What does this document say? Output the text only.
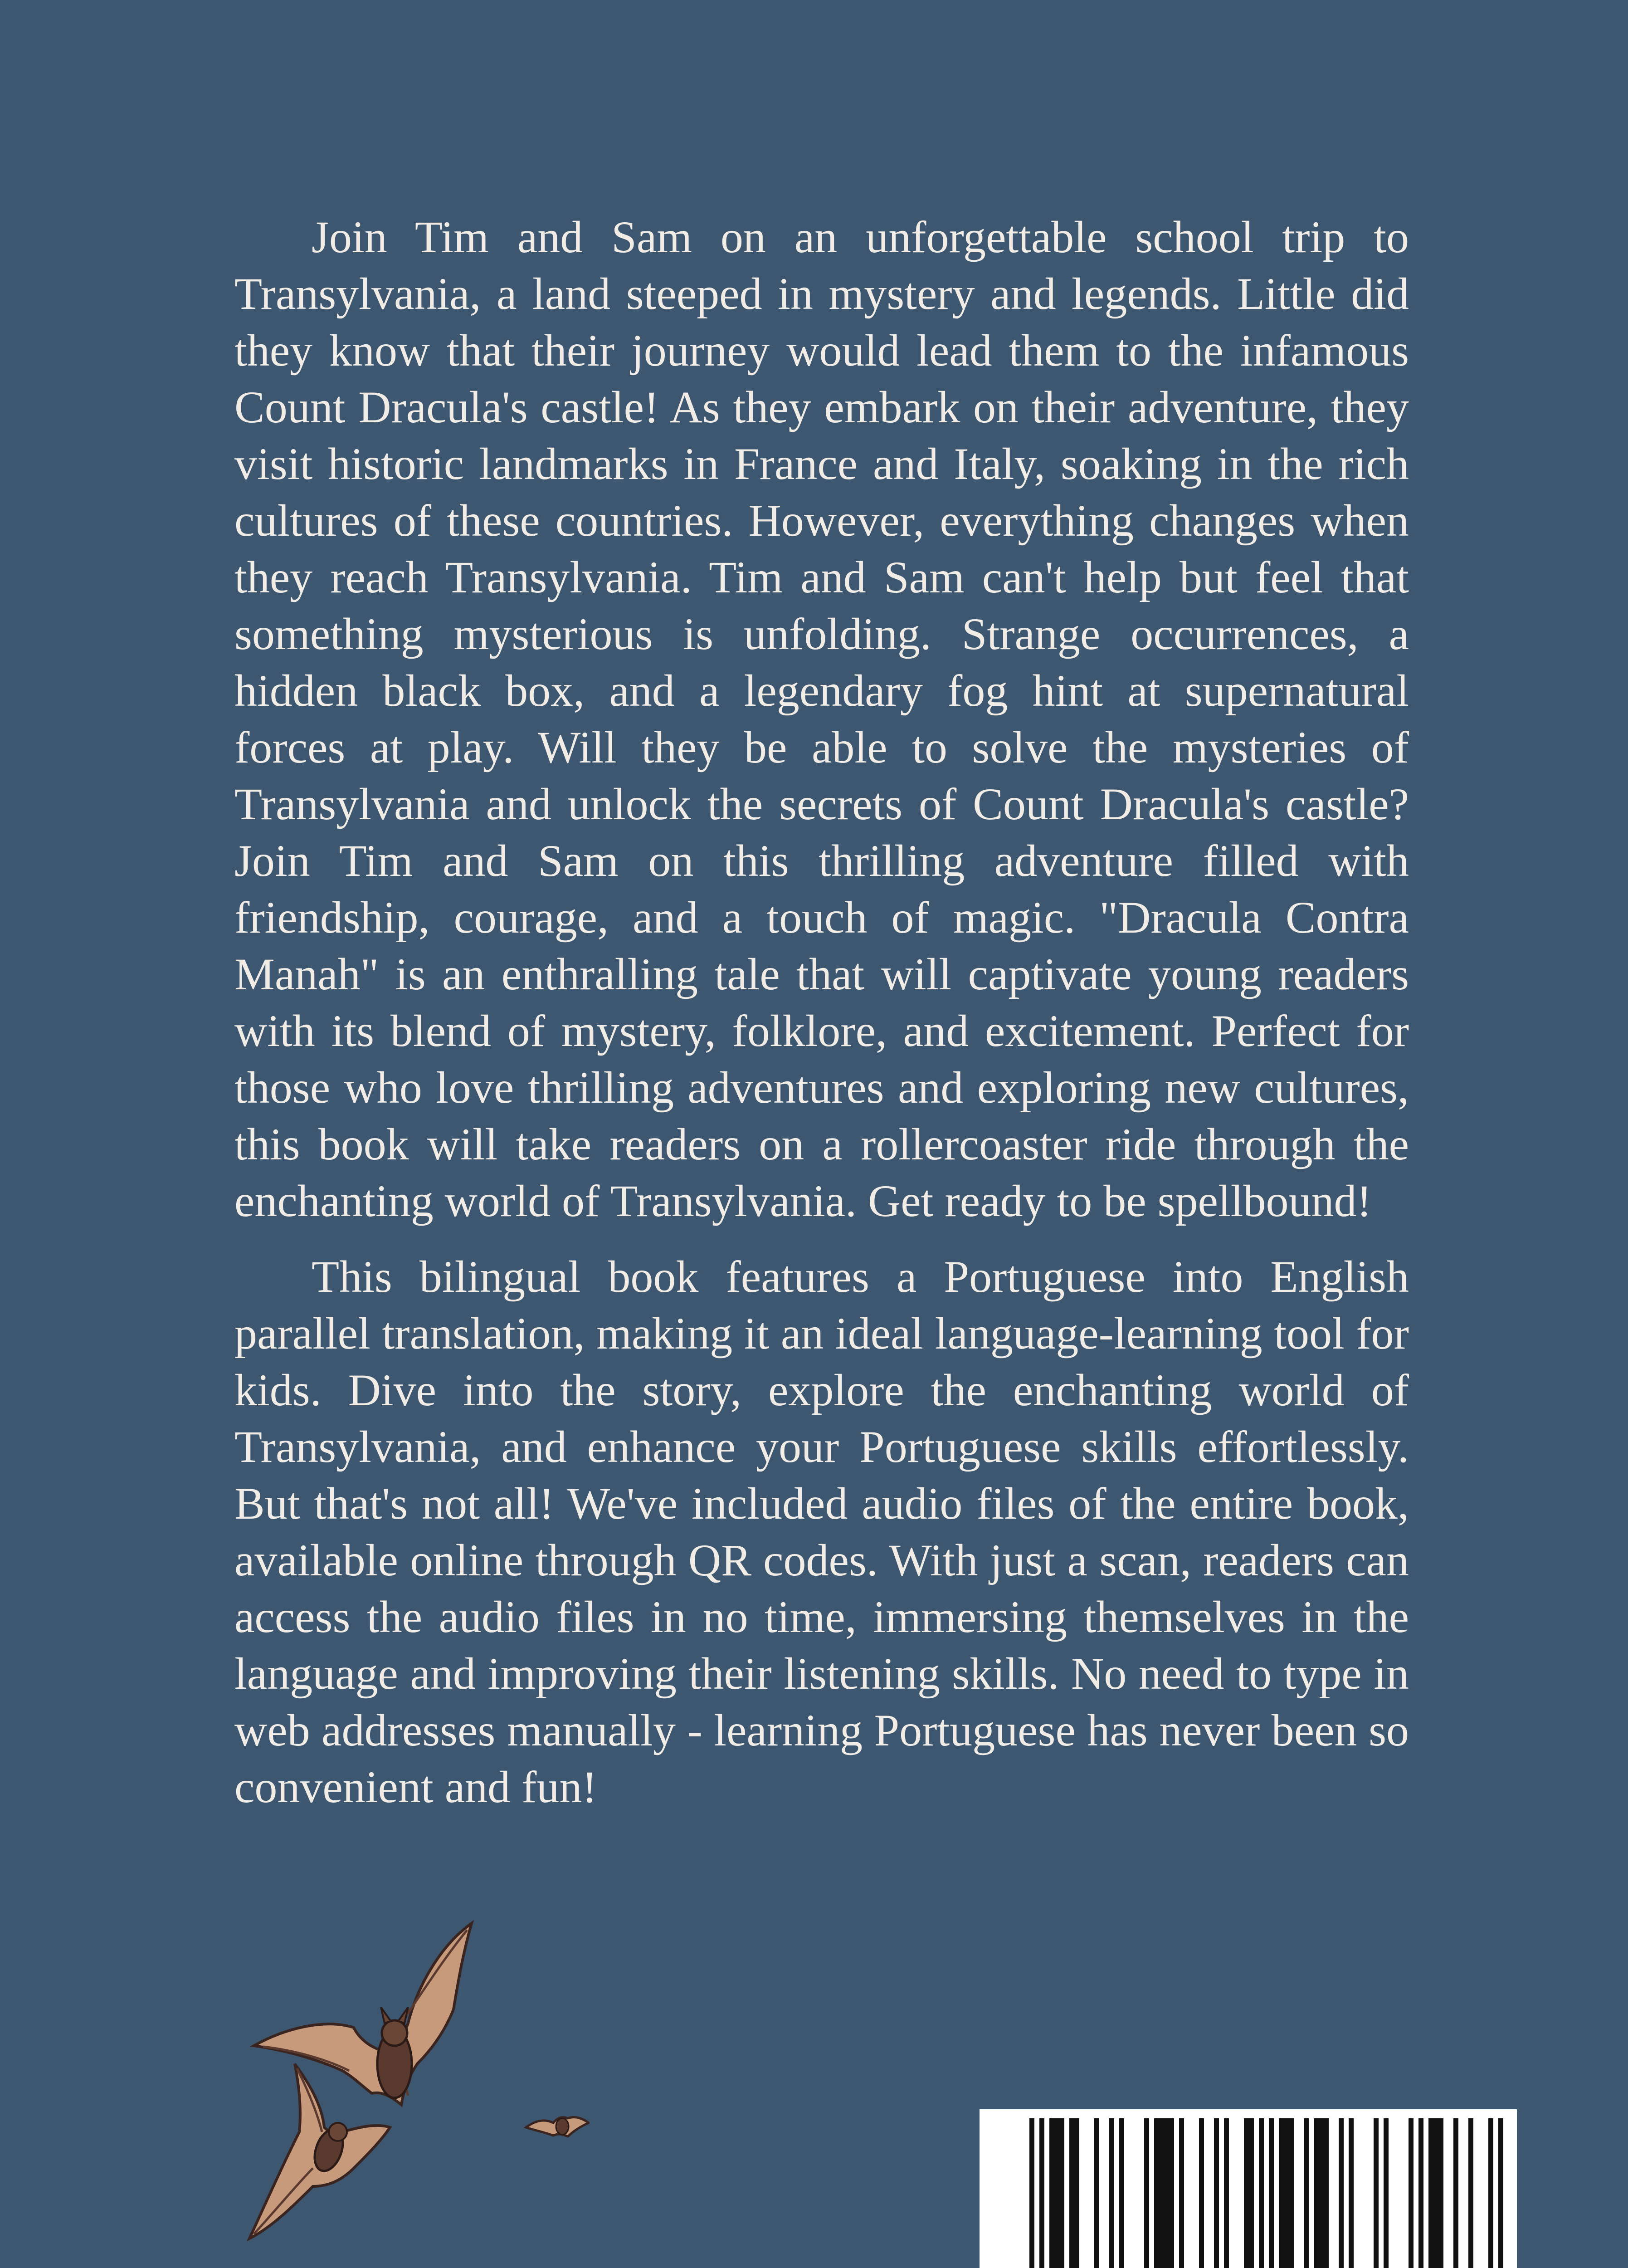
Join Tim and Sam on an unforgettable school trip to Transylvania, a land steeped in mystery and legends. Little did they know that their journey would lead them to the infamous Count Dracula's castle! As they embark on their adventure, they visit historic landmarks in France and Italy, soaking in the rich cultures of these countries. However, everything changes when they reach Transylvania. Tim and Sam can't help but feel that something mysterious is unfolding. Strange occurrences, a hidden black box, and a legendary fog hint at supernatural forces at play. Will they be able to solve the mysteries of Transylvania and unlock the secrets of Count Dracula's castle? Join Tim and Sam on this thrilling adventure filled with friendship, courage, and a touch of magic. "Dracula Contra Manah" is an enthralling tale that will captivate young readers with its blend of mystery, folklore, and excitement. Perfect for those who love thrilling adventures and exploring new cultures, this book will take readers on a rollercoaster ride through the enchanting world of Transylvania. Get ready to be spellbound!

This bilingual book features a Portuguese into English parallel translation, making it an ideal language-learning tool for kids. Dive into the story, explore the enchanting world of Transylvania, and enhance your Portuguese skills effortlessly. But that's not all! We've included audio files of the entire book, available online through QR codes. With just a scan, readers can access the audio files in no time, immersing themselves in the language and improving their listening skills. No need to type in web addresses manually - learning Portuguese has never been so convenient and fun!
